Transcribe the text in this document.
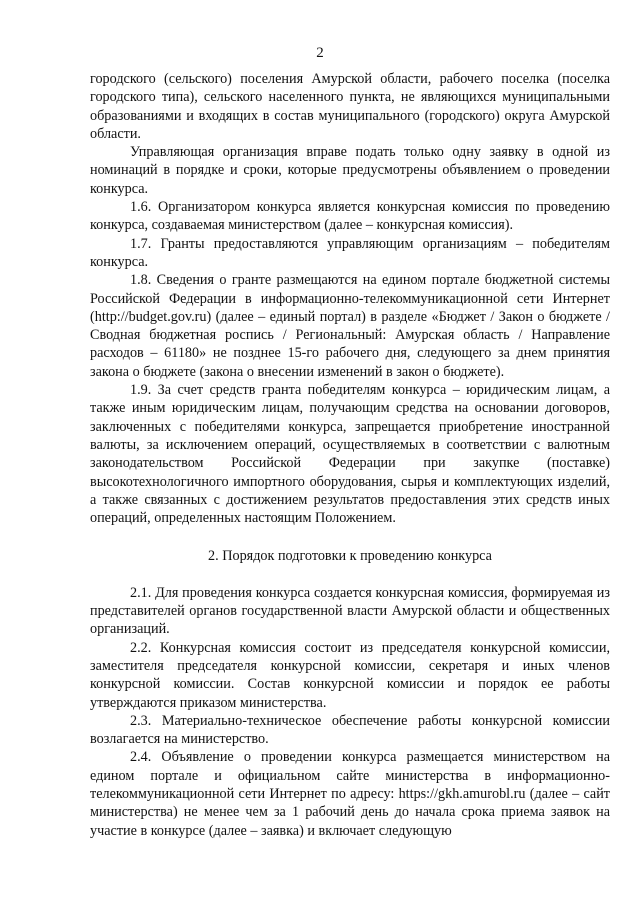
2

городского (сельского) поселения Амурской области, рабочего поселка (поселка городского типа), сельского населенного пункта, не являющихся муниципальными образованиями и входящих в состав муниципального (городского) округа Амурской области.

Управляющая организация вправе подать только одну заявку в одной из номинаций в порядке и сроки, которые предусмотрены объявлением о проведении конкурса.

1.6. Организатором конкурса является конкурсная комиссия по проведению конкурса, создаваемая министерством (далее – конкурсная комиссия).

1.7. Гранты предоставляются управляющим организациям – победителям конкурса.

1.8. Сведения о гранте размещаются на едином портале бюджетной системы Российской Федерации в информационно-телекоммуникационной сети Интернет (http://budget.gov.ru) (далее – единый портал) в разделе «Бюджет / Закон о бюджете / Сводная бюджетная роспись / Региональный: Амурская область / Направление расходов – 61180» не позднее 15-го рабочего дня, следующего за днем принятия закона о бюджете (закона о внесении изменений в закон о бюджете).

1.9. За счет средств гранта победителям конкурса – юридическим лицам, а также иным юридическим лицам, получающим средства на основании договоров, заключенных с победителями конкурса, запрещается приобретение иностранной валюты, за исключением операций, осуществляемых в соответствии с валютным законодательством Российской Федерации при закупке (поставке) высокотехнологичного импортного оборудования, сырья и комплектующих изделий, а также связанных с достижением результатов предоставления этих средств иных операций, определенных настоящим Положением.

2. Порядок подготовки к проведению конкурса

2.1. Для проведения конкурса создается конкурсная комиссия, формируемая из представителей органов государственной власти Амурской области и общественных организаций.

2.2. Конкурсная комиссия состоит из председателя конкурсной комиссии, заместителя председателя конкурсной комиссии, секретаря и иных членов конкурсной комиссии. Состав конкурсной комиссии и порядок ее работы утверждаются приказом министерства.

2.3. Материально-техническое обеспечение работы конкурсной комиссии возлагается на министерство.

2.4. Объявление о проведении конкурса размещается министерством на едином портале и официальном сайте министерства в информационно-телекоммуникационной сети Интернет по адресу: https://gkh.amurobl.ru (далее – сайт министерства) не менее чем за 1 рабочий день до начала срока приема заявок на участие в конкурсе (далее – заявка) и включает следующую
